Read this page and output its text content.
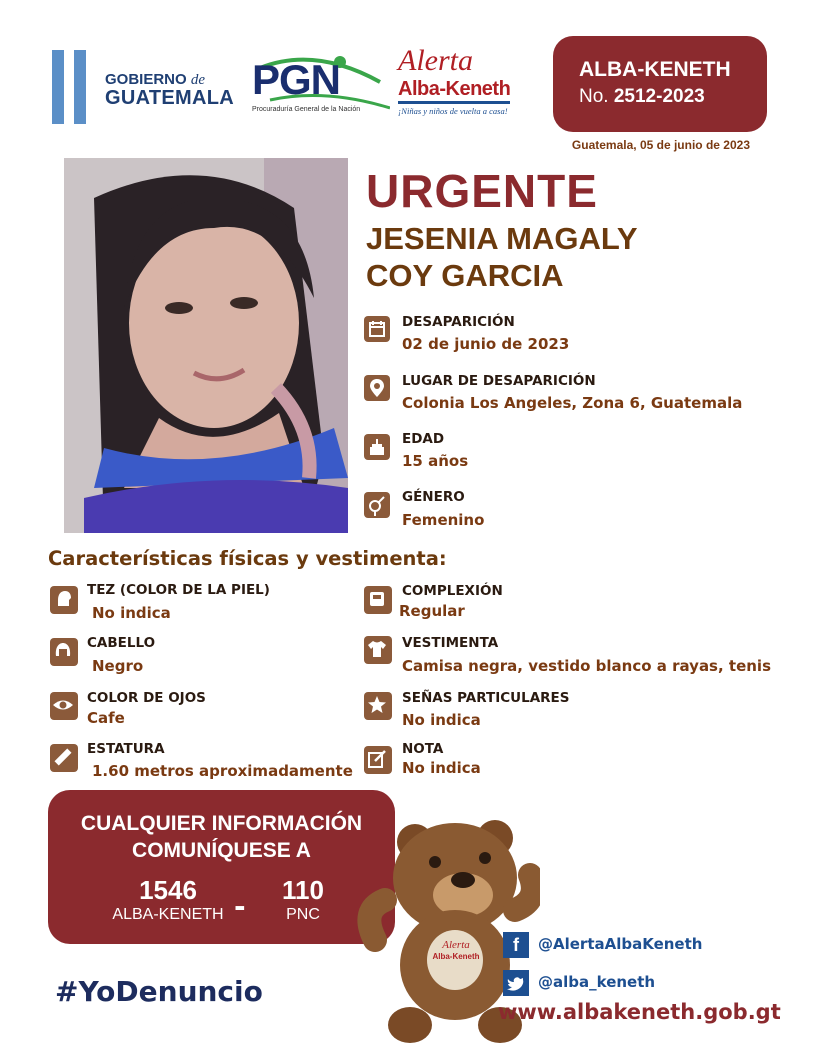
GOBIERNO de
GUATEMALA PGN
Procuraduría General de la Nación
Alerta
Alba-Keneth
¡Niñas y niños de vuelta a casa!
ALBA-KENETH
No. 2512-2023
Guatemala, 05 de junio de 2023
URGENTE
JESENIA MAGALY
COY GARCIA
DESAPARICIÓN
02 de junio de 2023
LUGAR DE DESAPARICIÓN
Colonia Los Angeles, Zona 6, Guatemala
EDAD
15 años
GÉNERO
Femenino
Características físicas y vestimenta:
TEZ (COLOR DE LA PIEL)
No indica
CABELLO
Negro
COLOR DE OJOS
Cafe
ESTATURA
1.60 metros aproximadamente
COMPLEXIÓN
Regular
VESTIMENTA
Camisa negra, vestido blanco a rayas, tenis
SEÑAS PARTICULARES
No indica
NOTA
No indica
CUALQUIER INFORMACIÓN
COMUNÍQUESE A
1546
ALBA-KENETH -	110
PNC
Alerta
Alba-Keneth
#YoDenuncio
f	@AlertaAlbaKeneth
@alba_keneth
www.albakeneth.gob.gt
